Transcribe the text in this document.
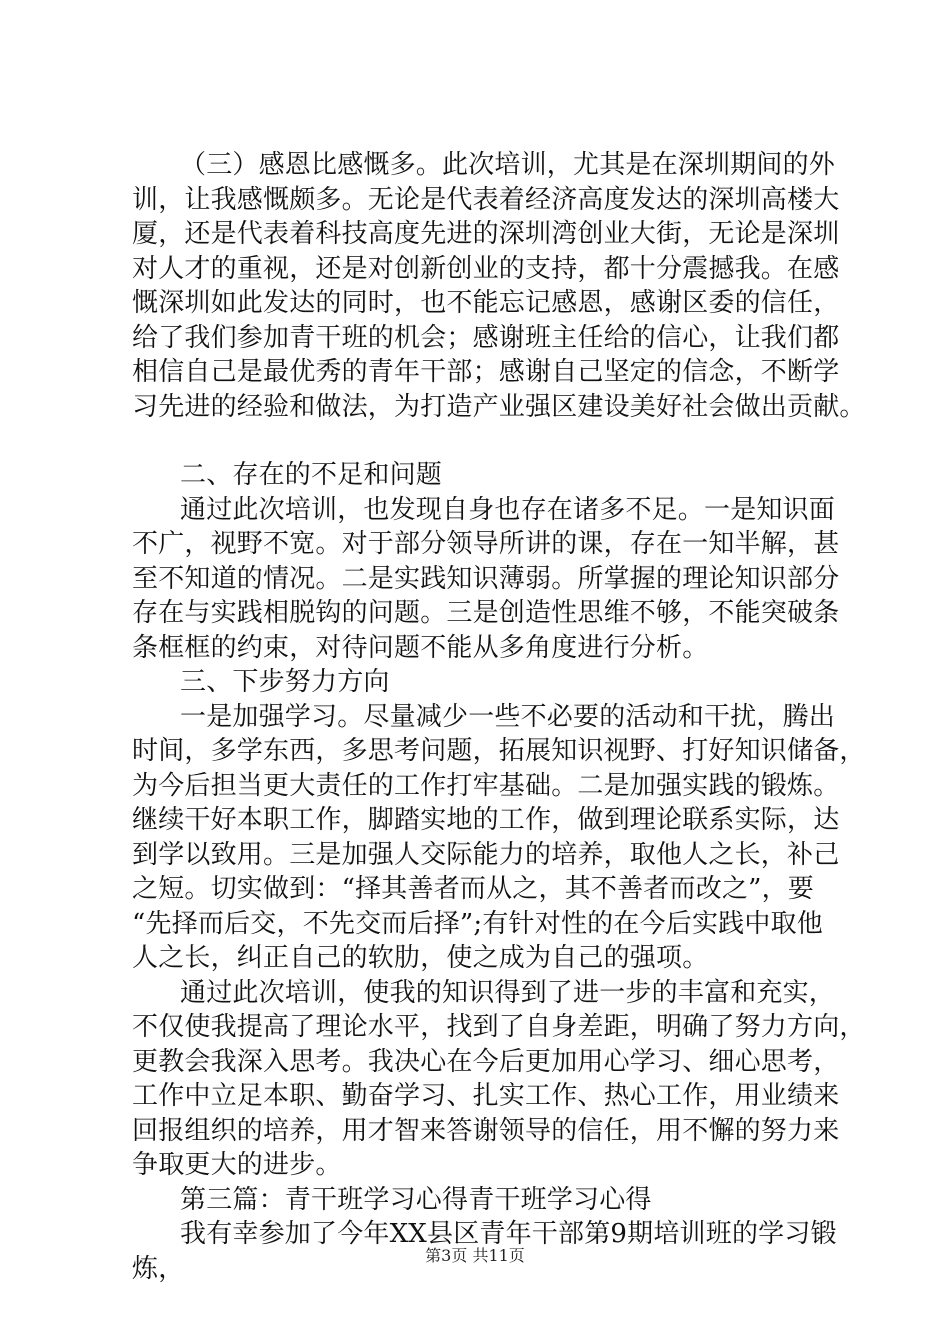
（三）感恩比感慨多。此次培训，尤其是在深圳期间的外
训，让我感慨颇多。无论是代表着经济高度发达的深圳高楼大
厦，还是代表着科技高度先进的深圳湾创业大街，无论是深圳
对人才的重视，还是对创新创业的支持，都十分震撼我。在感
慨深圳如此发达的同时，也不能忘记感恩，感谢区委的信任，
给了我们参加青干班的机会；感谢班主任给的信心，让我们都
相信自己是最优秀的青年干部；感谢自己坚定的信念，不断学
习先进的经验和做法，为打造产业强区建设美好社会做出贡献。
二、存在的不足和问题
通过此次培训，也发现自身也存在诸多不足。一是知识面
不广，视野不宽。对于部分领导所讲的课，存在一知半解，甚
至不知道的情况。二是实践知识薄弱。所掌握的理论知识部分
存在与实践相脱钩的问题。三是创造性思维不够，不能突破条
条框框的约束，对待问题不能从多角度进行分析。
三、下步努力方向
一是加强学习。尽量减少一些不必要的活动和干扰，腾出
时间，多学东西，多思考问题，拓展知识视野、打好知识储备，
为今后担当更大责任的工作打牢基础。二是加强实践的锻炼。
继续干好本职工作，脚踏实地的工作，做到理论联系实际，达
到学以致用。三是加强人交际能力的培养，取他人之长，补己
之短。切实做到：“择其善者而从之，其不善者而改之”，要
“先择而后交，不先交而后择”;有针对性的在今后实践中取他
人之长，纠正自己的软肋，使之成为自己的强项。
通过此次培训，使我的知识得到了进一步的丰富和充实，
不仅使我提高了理论水平，找到了自身差距，明确了努力方向，
更教会我深入思考。我决心在今后更加用心学习、细心思考，
工作中立足本职、勤奋学习、扎实工作、热心工作，用业绩来
回报组织的培养，用才智来答谢领导的信任，用不懈的努力来
争取更大的进步。
第三篇：青干班学习心得青干班学习心得
我有幸参加了今年XX县区青年干部第9期培训班的学习锻
炼，	第3页 共11页
